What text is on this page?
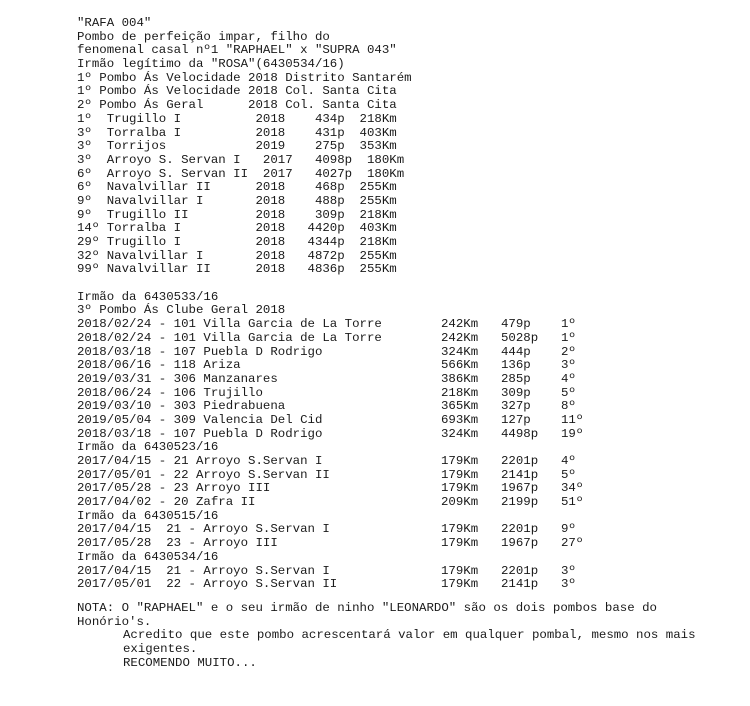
"RAFA 004"
Pombo de perfeição impar, filho do
fenomenal casal nº1 "RAPHAEL" x "SUPRA 043"
Irmão legítimo da "ROSA"(6430534/16)
1º Pombo Ás Velocidade 2018 Distrito Santarém
1º Pombo Ás Velocidade 2018 Col. Santa Cita
2º Pombo Ás Geral      2018 Col. Santa Cita
1º  Trugillo I          2018    434p  218Km
3º  Torralba I          2018    431p  403Km
3º  Torrijos            2019    275p  353Km
3º  Arroyo S. Servan I   2017   4098p  180Km
6º  Arroyo S. Servan II  2017   4027p  180Km
6º  Navalvillar II      2018    468p  255Km
9º  Navalvillar I       2018    488p  255Km
9º  Trugillo II         2018    309p  218Km
14º Torralba I          2018   4420p  403Km
29º Trugillo I          2018   4344p  218Km
32º Navalvillar I       2018   4872p  255Km
99º Navalvillar II      2018   4836p  255Km
Irmão da 6430533/16
3º Pombo Ás Clube Geral 2018
2018/02/24 - 101 Villa Garcia de La Torre	242Km 479p 1º
2018/02/24 - 101 Villa Garcia de La Torre	242Km 5028p 1º
2018/03/18 - 107 Puebla D Rodrigo	324Km 444p 2º
2018/06/16 - 118 Ariza	566Km 136p 3º
2019/03/31 - 306 Manzanares	386Km 285p 4º
2018/06/24 - 106 Trujillo	218Km 309p 5º
2019/03/10 - 303 Piedrabuena	365Km 327p 8º
2019/05/04 - 309 Valencia Del Cid	693Km 127p 11º
2018/03/18 - 107 Puebla D Rodrigo	324Km 4498p 19º
Irmão da 6430523/16
2017/04/15 - 21 Arroyo S.Servan I	179Km 2201p 4º
2017/05/01 - 22 Arroyo S.Servan II	179Km 2141p 5º
2017/05/28 - 23 Arroyo III	179Km 1967p 34º
2017/04/02 - 20 Zafra II	209Km 2199p 51º
Irmão da 6430515/16
2017/04/15  21 - Arroyo S.Servan I	179Km 2201p 9º
2017/05/28  23 - Arroyo III	179Km 1967p 27º
Irmão da 6430534/16
2017/04/15  21 - Arroyo S.Servan I	179Km 2201p 3º
2017/05/01  22 - Arroyo S.Servan II	179Km 2141p 3º
NOTA: O "RAPHAEL" e o seu irmão de ninho "LEONARDO" são os dois pombos base do Honório's.
Acredito que este pombo acrescentará valor em qualquer pombal, mesmo nos mais exigentes.
RECOMENDO MUITO...
